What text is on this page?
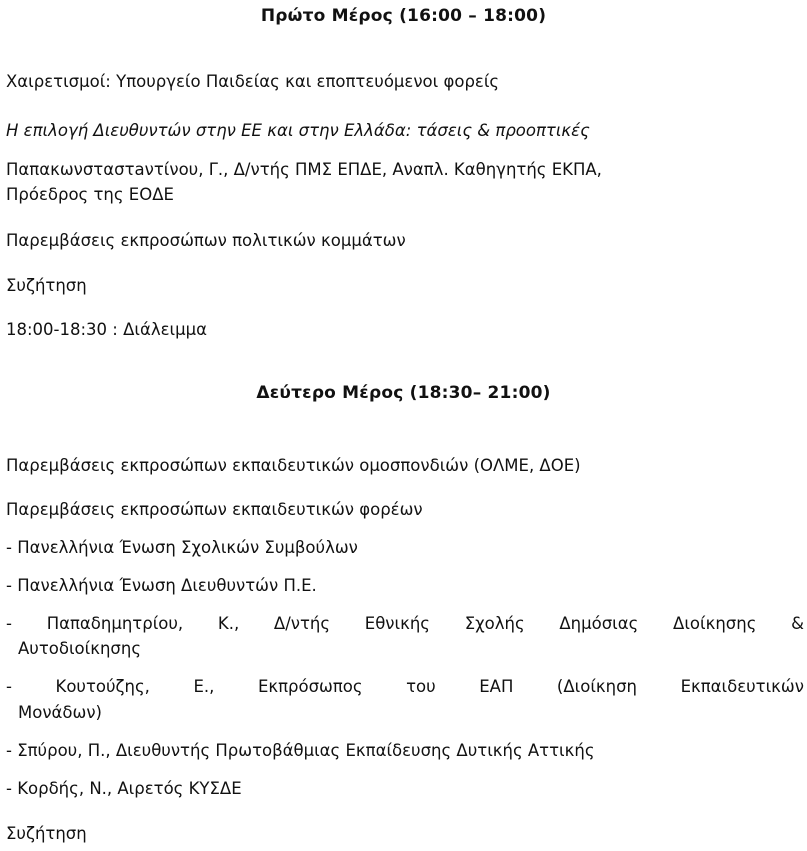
Πρώτο Μέρος (16:00 – 18:00)
Χαιρετισμοί: Υπουργείο Παιδείας και εποπτευόμενοι φορείς
Η επιλογή Διευθυντών στην ΕΕ και στην Ελλάδα: τάσεις & προοπτικές
Παπακωνσταστaντίνου, Γ., Δ/ντής ΠΜΣ ΕΠΔΕ, Αναπλ. Καθηγητής ΕΚΠΑ,
Πρόεδρος της ΕΟΔΕ
Παρεμβάσεις εκπροσώπων πολιτικών κομμάτων
Συζήτηση
18:00-18:30 : Διάλειμμα
Δεύτερο Μέρος (18:30– 21:00)
Παρεμβάσεις εκπροσώπων εκπαιδευτικών ομοσπονδιών (ΟΛΜΕ, ΔΟΕ)
Παρεμβάσεις εκπροσώπων εκπαιδευτικών φορέων
- Πανελλήνια Ένωση Σχολικών Συμβούλων
- Πανελλήνια Ένωση Διευθυντών Π.Ε.
- Παπαδημητρίου, Κ., Δ/ντής Εθνικής Σχολής Δημόσιας Διοίκησης &
Αυτοδιοίκησης
-	Κουτούζης,	Ε.,	Εκπρόσωπος	του	ΕΑΠ	(Διοίκηση	Εκπαιδευτικών
Μονάδων)
- Σπύρου, Π., Διευθυντής Πρωτοβάθμιας Εκπαίδευσης Δυτικής Αττικής
- Κορδής, Ν., Αιρετός ΚΥΣΔΕ
Συζήτηση
